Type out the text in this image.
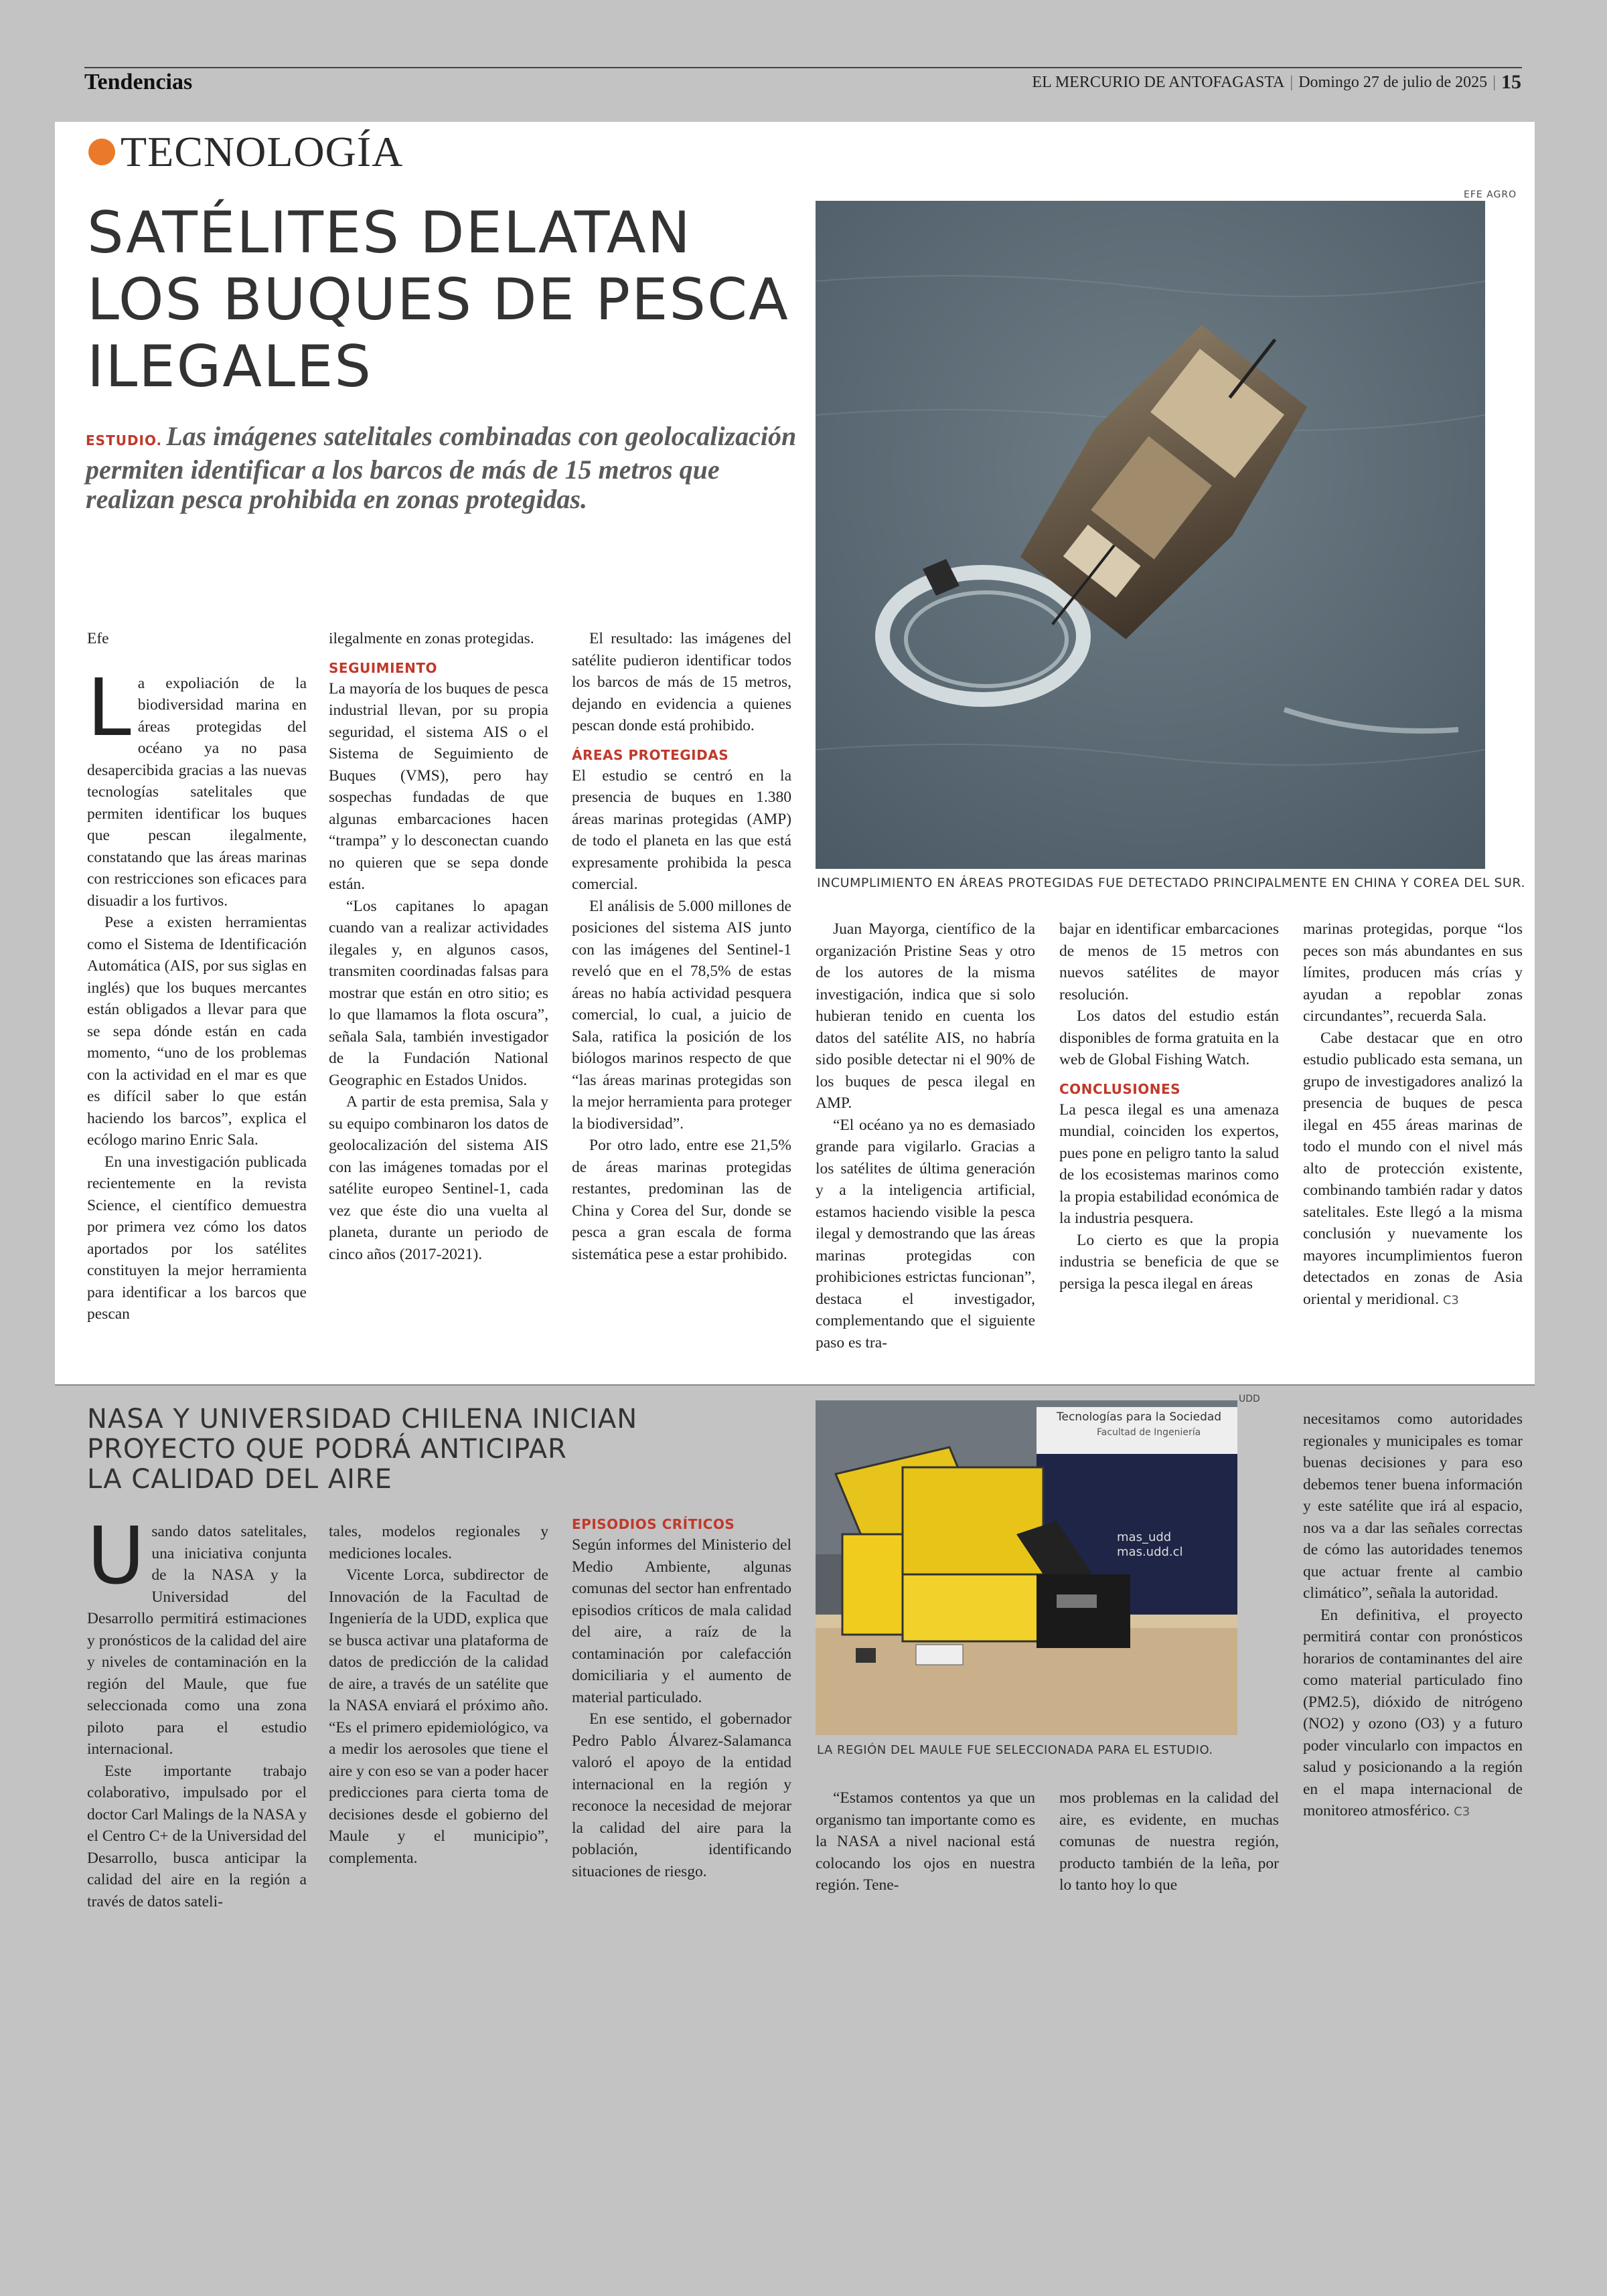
Tendencias	EL MERCURIO DE ANTOFAGASTA | Domingo 27 de julio de 2025 | 15
TECNOLOGÍA
SATÉLITES DELATAN
LOS BUQUES DE PESCA
ILEGALES
ESTUDIO. Las imágenes satelitales combinadas con geolocalización permiten identificar a los barcos de más de 15 metros que realizan pesca prohibida en zonas protegidas.
EFE AGRO
INCUMPLIMIENTO EN ÁREAS PROTEGIDAS FUE DETECTADO PRINCIPALMENTE EN CHINA Y COREA DEL SUR.

Efe

La expoliación de la biodiversidad marina en áreas protegidas del océano ya no pasa desapercibida gracias a las nuevas tecnologías satelitales que permiten identificar los buques que pescan ilegalmente, constatando que las áreas marinas con restricciones son eficaces para disuadir a los furtivos.

Pese a existen herramientas como el Sistema de Identificación Automática (AIS, por sus siglas en inglés) que los buques mercantes están obligados a llevar para que se sepa dónde están en cada momento, “uno de los problemas con la actividad en el mar es que es difícil saber lo que están haciendo los barcos”, explica el ecólogo marino Enric Sala.

En una investigación publicada recientemente en la revista Science, el científico demuestra por primera vez cómo los datos aportados por los satélites constituyen la mejor herramienta para identificar a los barcos que pescan

ilegalmente en zonas protegidas.

SEGUIMIENTO

La mayoría de los buques de pesca industrial llevan, por su propia seguridad, el sistema AIS o el Sistema de Seguimiento de Buques (VMS), pero hay sospechas fundadas de que algunas embarcaciones hacen “trampa” y lo desconectan cuando no quieren que se sepa donde están.

“Los capitanes lo apagan cuando van a realizar actividades ilegales y, en algunos casos, transmiten coordinadas falsas para mostrar que están en otro sitio; es lo que llamamos la flota oscura”, señala Sala, también investigador de la Fundación National Geographic en Estados Unidos.

A partir de esta premisa, Sala y su equipo combinaron los datos de geolocalización del sistema AIS con las imágenes tomadas por el satélite europeo Sentinel-1, cada vez que éste dio una vuelta al planeta, durante un periodo de cinco años (2017-2021).

El resultado: las imágenes del satélite pudieron identificar todos los barcos de más de 15 metros, dejando en evidencia a quienes pescan donde está prohibido.

ÁREAS PROTEGIDAS

El estudio se centró en la presencia de buques en 1.380 áreas marinas protegidas (AMP) de todo el planeta en las que está expresamente prohibida la pesca comercial.

El análisis de 5.000 millones de posiciones del sistema AIS junto con las imágenes del Sentinel-1 reveló que en el 78,5% de estas áreas no había actividad pesquera comercial, lo cual, a juicio de Sala, ratifica la posición de los biólogos marinos respecto de que “las áreas marinas protegidas son la mejor herramienta para proteger la biodiversidad”.

Por otro lado, entre ese 21,5% de áreas marinas protegidas restantes, predominan las de China y Corea del Sur, donde se pesca a gran escala de forma sistemática pese a estar prohibido.

Juan Mayorga, científico de la organización Pristine Seas y otro de los autores de la misma investigación, indica que si solo hubieran tenido en cuenta los datos del satélite AIS, no habría sido posible detectar ni el 90% de los buques de pesca ilegal en AMP.

“El océano ya no es demasiado grande para vigilarlo. Gracias a los satélites de última generación y a la inteligencia artificial, estamos haciendo visible la pesca ilegal y demostrando que las áreas marinas protegidas con prohibiciones estrictas funcionan”, destaca el investigador, complementando que el siguiente paso es tra-

bajar en identificar embarcaciones de menos de 15 metros con nuevos satélites de mayor resolución.

Los datos del estudio están disponibles de forma gratuita en la web de Global Fishing Watch.

CONCLUSIONES

La pesca ilegal es una amenaza mundial, coinciden los expertos, pues pone en peligro tanto la salud de los ecosistemas marinos como la propia estabilidad económica de la industria pesquera.

Lo cierto es que la propia industria se beneficia de que se persiga la pesca ilegal en áreas

marinas protegidas, porque “los peces son más abundantes en sus límites, producen más crías y ayudan a repoblar zonas circundantes”, recuerda Sala.

Cabe destacar que en otro estudio publicado esta semana, un grupo de investigadores analizó la presencia de buques de pesca ilegal en 455 áreas marinas de todo el mundo con el nivel más alto de protección existente, combinando también radar y datos satelitales. Este llegó a la misma conclusión y nuevamente los mayores incumplimientos fueron detectados en zonas de Asia oriental y meridional. C3

NASA Y UNIVERSIDAD CHILENA INICIAN
PROYECTO QUE PODRÁ ANTICIPAR
LA CALIDAD DEL AIRE
UDD
Tecnologías para la Sociedad
Facultad de Ingeniería
mas_udd
mas.udd.cl
LA REGIÓN DEL MAULE FUE SELECCIONADA PARA EL ESTUDIO.

Usando datos satelitales, una iniciativa conjunta de la NASA y la Universidad del Desarrollo permitirá estimaciones y pronósticos de la calidad del aire y niveles de contaminación en la región del Maule, que fue seleccionada como una zona piloto para el estudio internacional.

Este importante trabajo colaborativo, impulsado por el doctor Carl Malings de la NASA y el Centro C+ de la Universidad del Desarrollo, busca anticipar la calidad del aire en la región a través de datos sateli-

tales, modelos regionales y mediciones locales.

Vicente Lorca, subdirector de Innovación de la Facultad de Ingeniería de la UDD, explica que se busca activar una plataforma de datos de predicción de la calidad de aire, a través de un satélite que la NASA enviará el próximo año. “Es el primero epidemiológico, va a medir los aerosoles que tiene el aire y con eso se van a poder hacer predicciones para cierta toma de decisiones desde el gobierno del Maule y el municipio”, complementa.

EPISODIOS CRÍTICOS

Según informes del Ministerio del Medio Ambiente, algunas comunas del sector han enfrentado episodios críticos de mala calidad del aire, a raíz de la contaminación por calefacción domiciliaria y el aumento de material particulado.

En ese sentido, el gobernador Pedro Pablo Álvarez-Salamanca valoró el apoyo de la entidad internacional en la región y reconoce la necesidad de mejorar la calidad del aire para la población, identificando situaciones de riesgo.

“Estamos contentos ya que un organismo tan importante como es la NASA a nivel nacional está colocando los ojos en nuestra región. Tene-

mos problemas en la calidad del aire, es evidente, en muchas comunas de nuestra región, producto también de la leña, por lo tanto hoy lo que

necesitamos como autoridades regionales y municipales es tomar buenas decisiones y para eso debemos tener buena información y este satélite que irá al espacio, nos va a dar las señales correctas de cómo las autoridades tenemos que actuar frente al cambio climático”, señala la autoridad.

En definitiva, el proyecto permitirá contar con pronósticos horarios de contaminantes del aire como material particulado fino (PM2.5), dióxido de nitrógeno (NO2) y ozono (O3) y a futuro poder vincularlo con impactos en salud y posicionando a la región en el mapa internacional de monitoreo atmosférico. C3
